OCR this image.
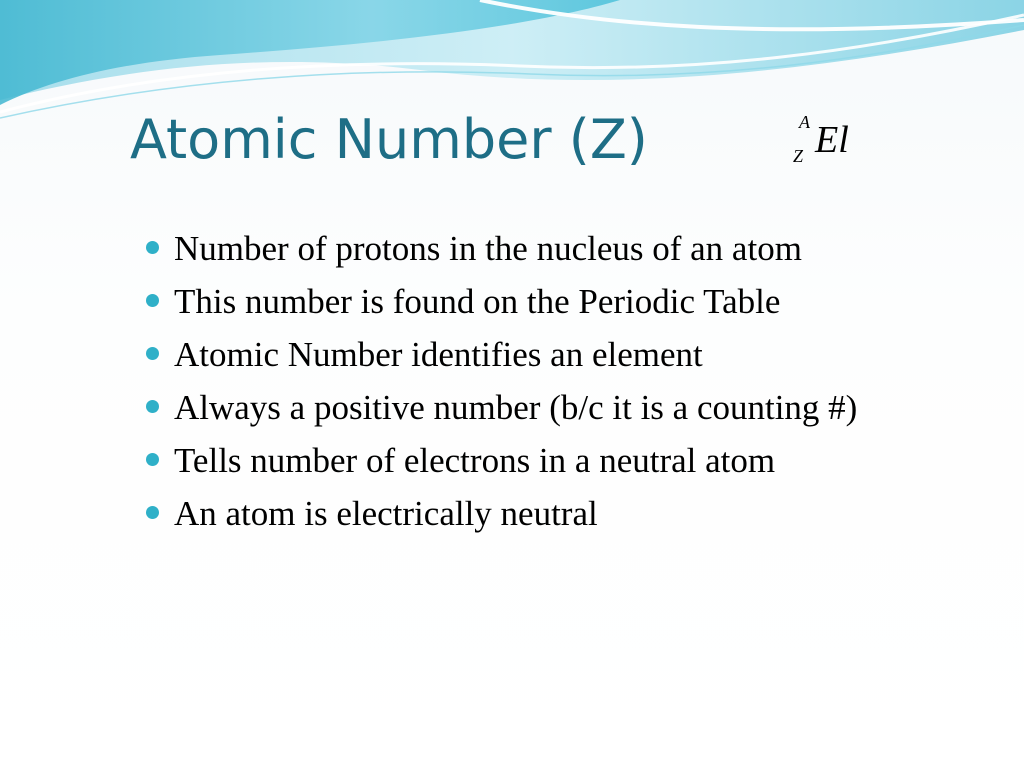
Atomic Number (Z)	A
Z El
Number of protons in the nucleus of an atom
This number is found on the Periodic Table
Atomic Number identifies an element
Always a positive number (b/c it is a counting #)
Tells number of electrons in a neutral atom
An atom is electrically neutral
